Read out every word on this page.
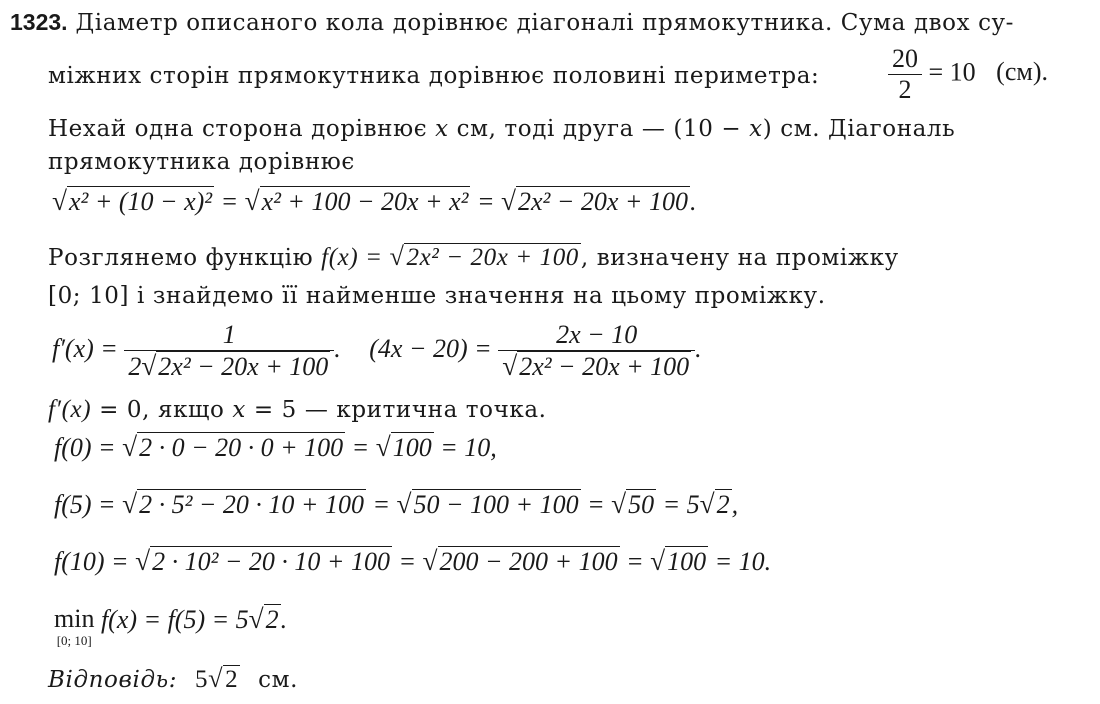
1323. Діаметр описаного кола дорівнює діагоналі прямокутника. Сума двох су-
міжних сторін прямокутника дорівнює половині периметра:	$\frac{20}{2} = 10$ (см).
Нехай одна сторона дорівнює x см, тоді друга — (10 − x) см. Діагональ
прямокутника дорівнює
√x² + (10 − x)² = √x² + 100 − 20x + x² = √2x² − 20x + 100.
Розглянемо функцію f(x) = √2x² − 20x + 100, визначену на проміжку
[0; 10] і знайдемо її найменше значення на цьому проміжку.
$f'(x) = \frac{1}{\text{2√2x² − 20x + 100}}$ . $(4x - 20) = \frac{2x - 10}{\text{√2x² − 20x + 100}}$ .
f′(x) = 0, якщо x = 5 — критична точка.
f(0) = √2 · 0 − 20 · 0 + 100 = √100 = 10,
f(5) = √2 · 5² − 20 · 10 + 100 = √50 − 100 + 100 = √50 = 5√2,
f(10) = √2 · 10² − 20 · 10 + 100 = √200 − 200 + 100 = √100 = 10.
min
[0; 10]
f(x) = f(5) = 5√2.
Відповідь: 5√2 см.
